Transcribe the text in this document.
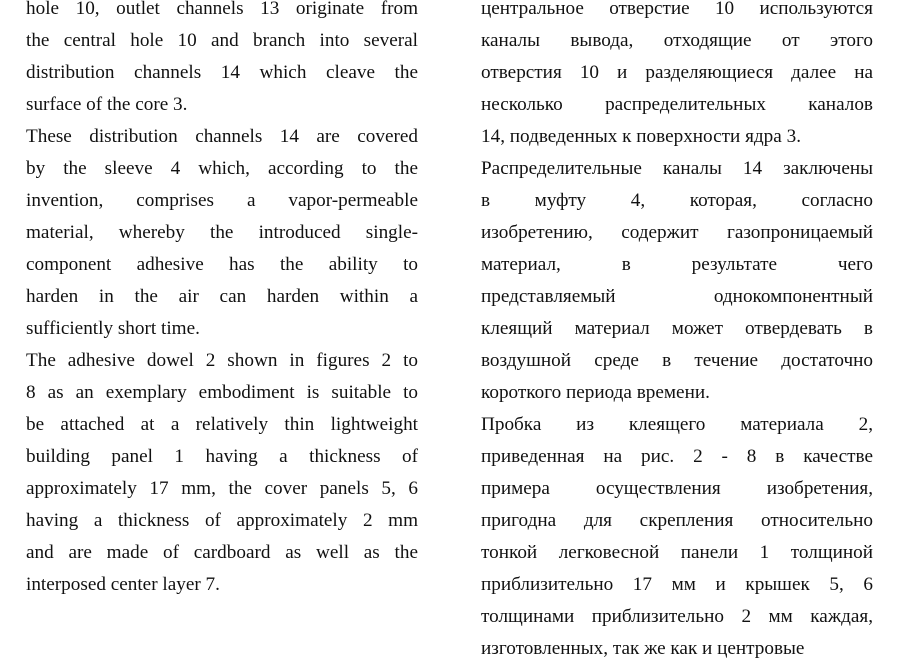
hole 10, outlet channels 13 originate from
the central hole 10 and branch into several
distribution channels 14 which cleave the
surface of the core 3.
These distribution channels 14 are covered
by the sleeve 4 which, according to the
invention, comprises a vapor-permeable
material, whereby the introduced single-
component adhesive has the ability to
harden in the air can harden within a
sufficiently short time.
The adhesive dowel 2 shown in figures 2 to
8 as an exemplary embodiment is suitable to
be attached at a relatively thin lightweight
building panel 1 having a thickness of
approximately 17 mm, the cover panels 5, 6
having a thickness of approximately 2 mm
and are made of cardboard as well as the
interposed center layer 7.
центральное отверстие 10 используются
каналы вывода, отходящие от этого
отверстия 10 и разделяющиеся далее на
несколько распределительных каналов
14, подведенных к поверхности ядра 3.
Распределительные каналы 14 заключены
в муфту 4, которая, согласно
изобретению, содержит газопроницаемый
материал, в результате чего
представляемый однокомпонентный
клеящий материал может отвердевать в
воздушной среде в течение достаточно
короткого периода времени.
Пробка из клеящего материала 2,
приведенная на рис. 2 - 8 в качестве
примера осуществления изобретения,
пригодна для скрепления относительно
тонкой легковесной панели 1 толщиной
приблизительно 17 мм и крышек 5, 6
толщинами приблизительно 2 мм каждая,
изготовленных, так же как и центровые
